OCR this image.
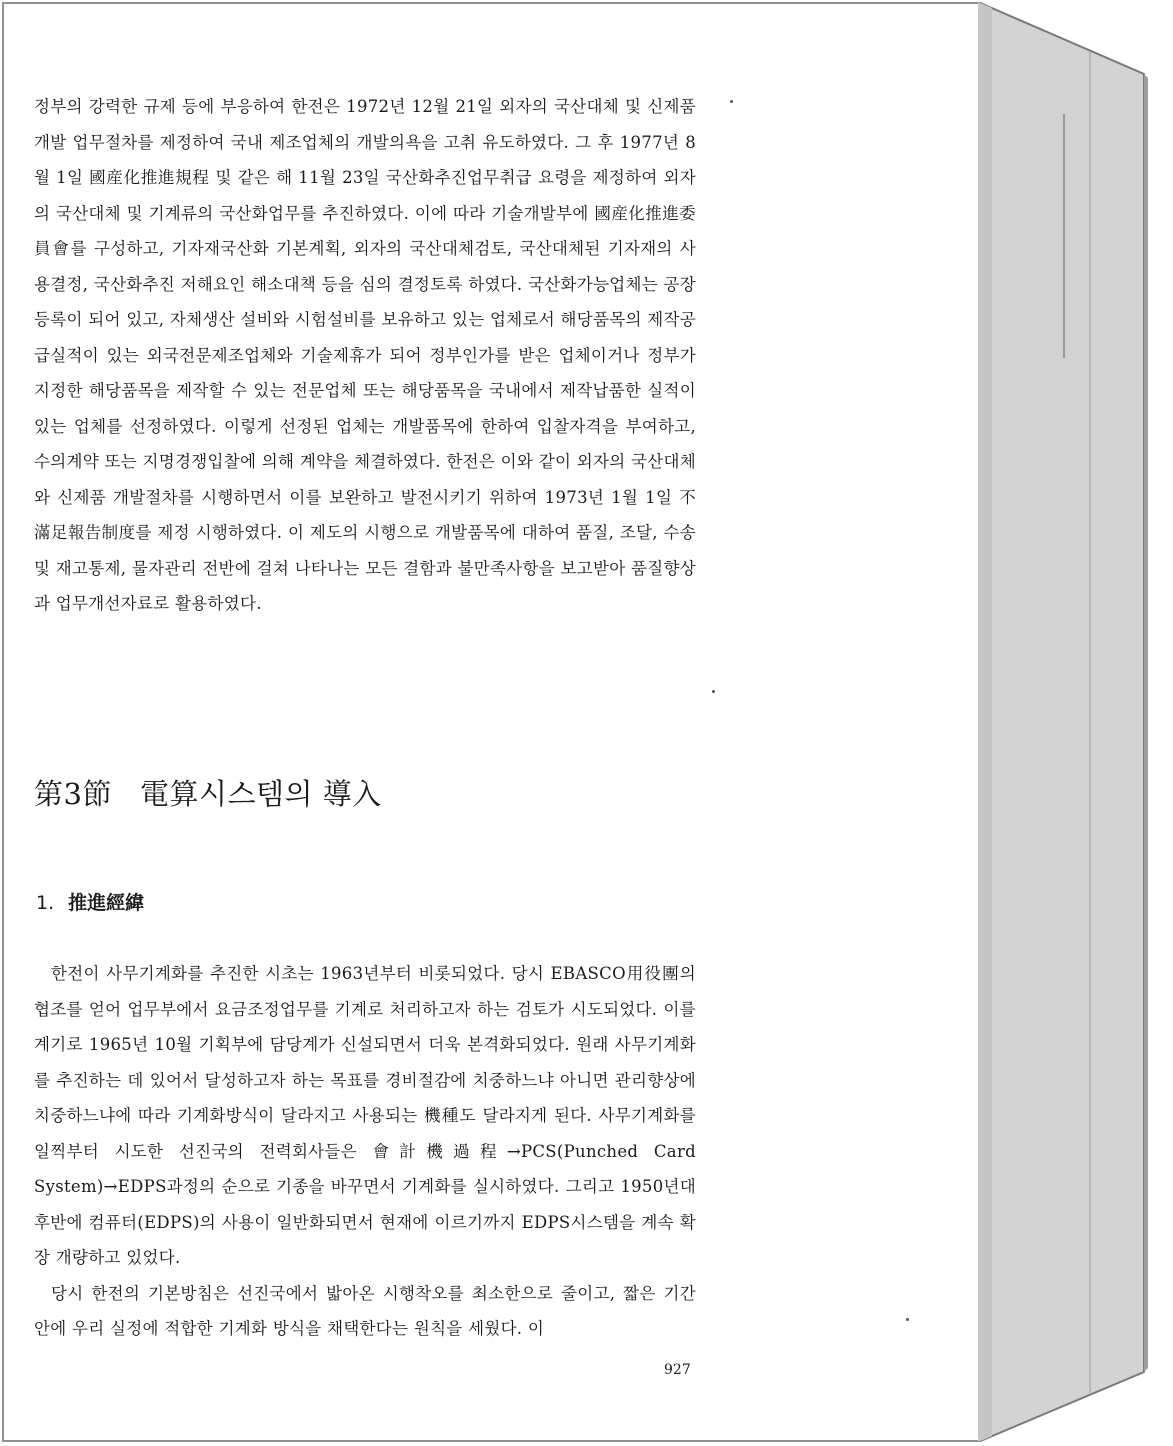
정부의 강력한 규제 등에 부응하여 한전은 1972년 12월 21일 외자의 국산대체 및 신제품개발 업무절차를 제정하여 국내 제조업체의 개발의욕을 고취 유도하였다. 그 후 1977년 8월 1일 國産化推進規程 및 같은 해 11월 23일 국산화추진업무취급 요령을 제정하여 외자의 국산대체 및 기계류의 국산화업무를 추진하였다. 이에 따라 기술개발부에 國産化推進委員會를 구성하고, 기자재국산화 기본계획, 외자의 국산대체검토, 국산대체된 기자재의 사용결정, 국산화추진 저해요인 해소대책 등을 심의 결정토록 하였다. 국산화가능업체는 공장등록이 되어 있고, 자체생산 설비와 시험설비를 보유하고 있는 업체로서 해당품목의 제작공급실적이 있는 외국전문제조업체와 기술제휴가 되어 정부인가를 받은 업체이거나 정부가 지정한 해당품목을 제작할 수 있는 전문업체 또는 해당품목을 국내에서 제작납품한 실적이 있는 업체를 선정하였다. 이렇게 선정된 업체는 개발품목에 한하여 입찰자격을 부여하고, 수의계약 또는 지명경쟁입찰에 의해 계약을 체결하였다. 한전은 이와 같이 외자의 국산대체와 신제품 개발절차를 시행하면서 이를 보완하고 발전시키기 위하여 1973년 1월 1일 不滿足報告制度를 제정 시행하였다. 이 제도의 시행으로 개발품목에 대하여 품질, 조달, 수송 및 재고통제, 물자관리 전반에 걸쳐 나타나는 모든 결함과 불만족사항을 보고받아 품질향상과 업무개선자료로 활용하였다.

第3節 電算시스템의 導入
1. 推進經緯

한전이 사무기계화를 추진한 시초는 1963년부터 비롯되었다. 당시 EBASCO用役團의 협조를 얻어 업무부에서 요금조정업무를 기계로 처리하고자 하는 검토가 시도되었다. 이를 계기로 1965년 10월 기획부에 담당계가 신설되면서 더욱 본격화되었다. 원래 사무기계화를 추진하는 데 있어서 달성하고자 하는 목표를 경비절감에 치중하느냐 아니면 관리향상에 치중하느냐에 따라 기계화방식이 달라지고 사용되는 機種도 달라지게 된다. 사무기계화를 일찍부터 시도한 선진국의 전력회사들은 會計機過程→PCS(Punched Card System)→EDPS과정의 순으로 기종을 바꾸면서 기계화를 실시하였다. 그리고 1950년대 후반에 컴퓨터(EDPS)의 사용이 일반화되면서 현재에 이르기까지 EDPS시스템을 계속 확장 개량하고 있었다.

당시 한전의 기본방침은 선진국에서 밟아온 시행착오를 최소한으로 줄이고, 짧은 기간 안에 우리 실정에 적합한 기계화 방식을 채택한다는 원칙을 세웠다. 이

927
